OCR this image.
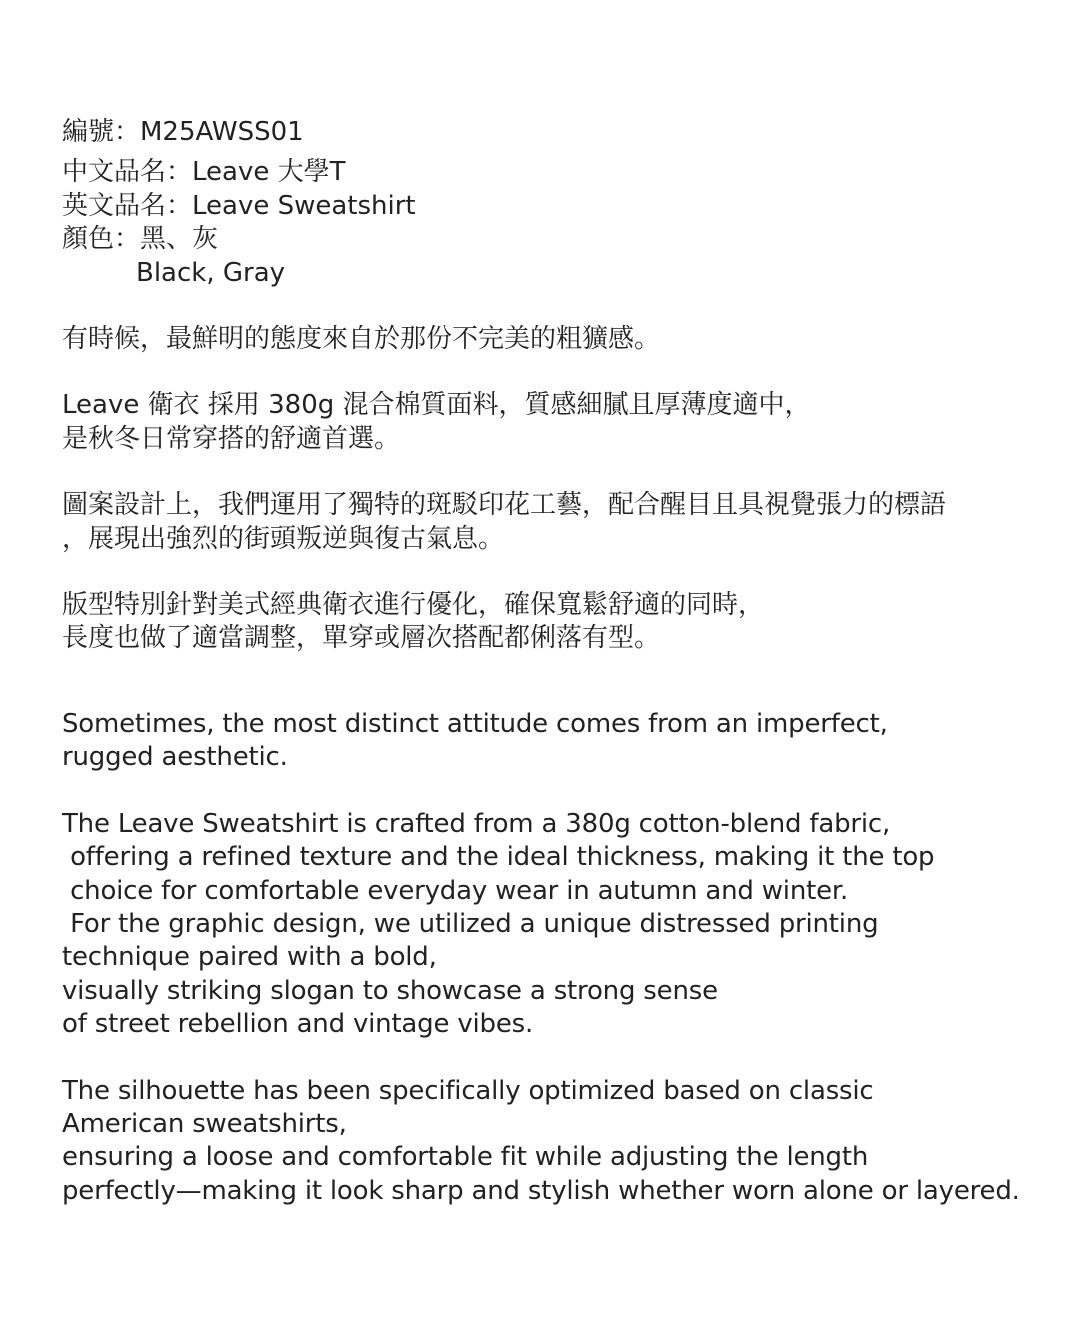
編號：M25AWSS01
中文品名：Leave 大學T
英文品名：Leave Sweatshirt
顏色：黑、灰
Black, Gray
有時候，最鮮明的態度來自於那份不完美的粗獷感。
Leave 衛衣 採用 380g 混合棉質面料，質感細膩且厚薄度適中，
是秋冬日常穿搭的舒適首選。
圖案設計上，我們運用了獨特的斑駁印花工藝，配合醒目且具視覺張力的標語
，展現出強烈的街頭叛逆與復古氣息。
版型特別針對美式經典衛衣進行優化，確保寬鬆舒適的同時，
長度也做了適當調整，單穿或層次搭配都俐落有型。
Sometimes, the most distinct attitude comes from an imperfect,
rugged aesthetic.
The Leave Sweatshirt is crafted from a 380g cotton-blend fabric,
offering a refined texture and the ideal thickness, making it the top
choice for comfortable everyday wear in autumn and winter.
For the graphic design, we utilized a unique distressed printing
technique paired with a bold,
visually striking slogan to showcase a strong sense
of street rebellion and vintage vibes.
The silhouette has been specifically optimized based on classic
American sweatshirts,
ensuring a loose and comfortable fit while adjusting the length
perfectly—making it look sharp and stylish whether worn alone or layered.
